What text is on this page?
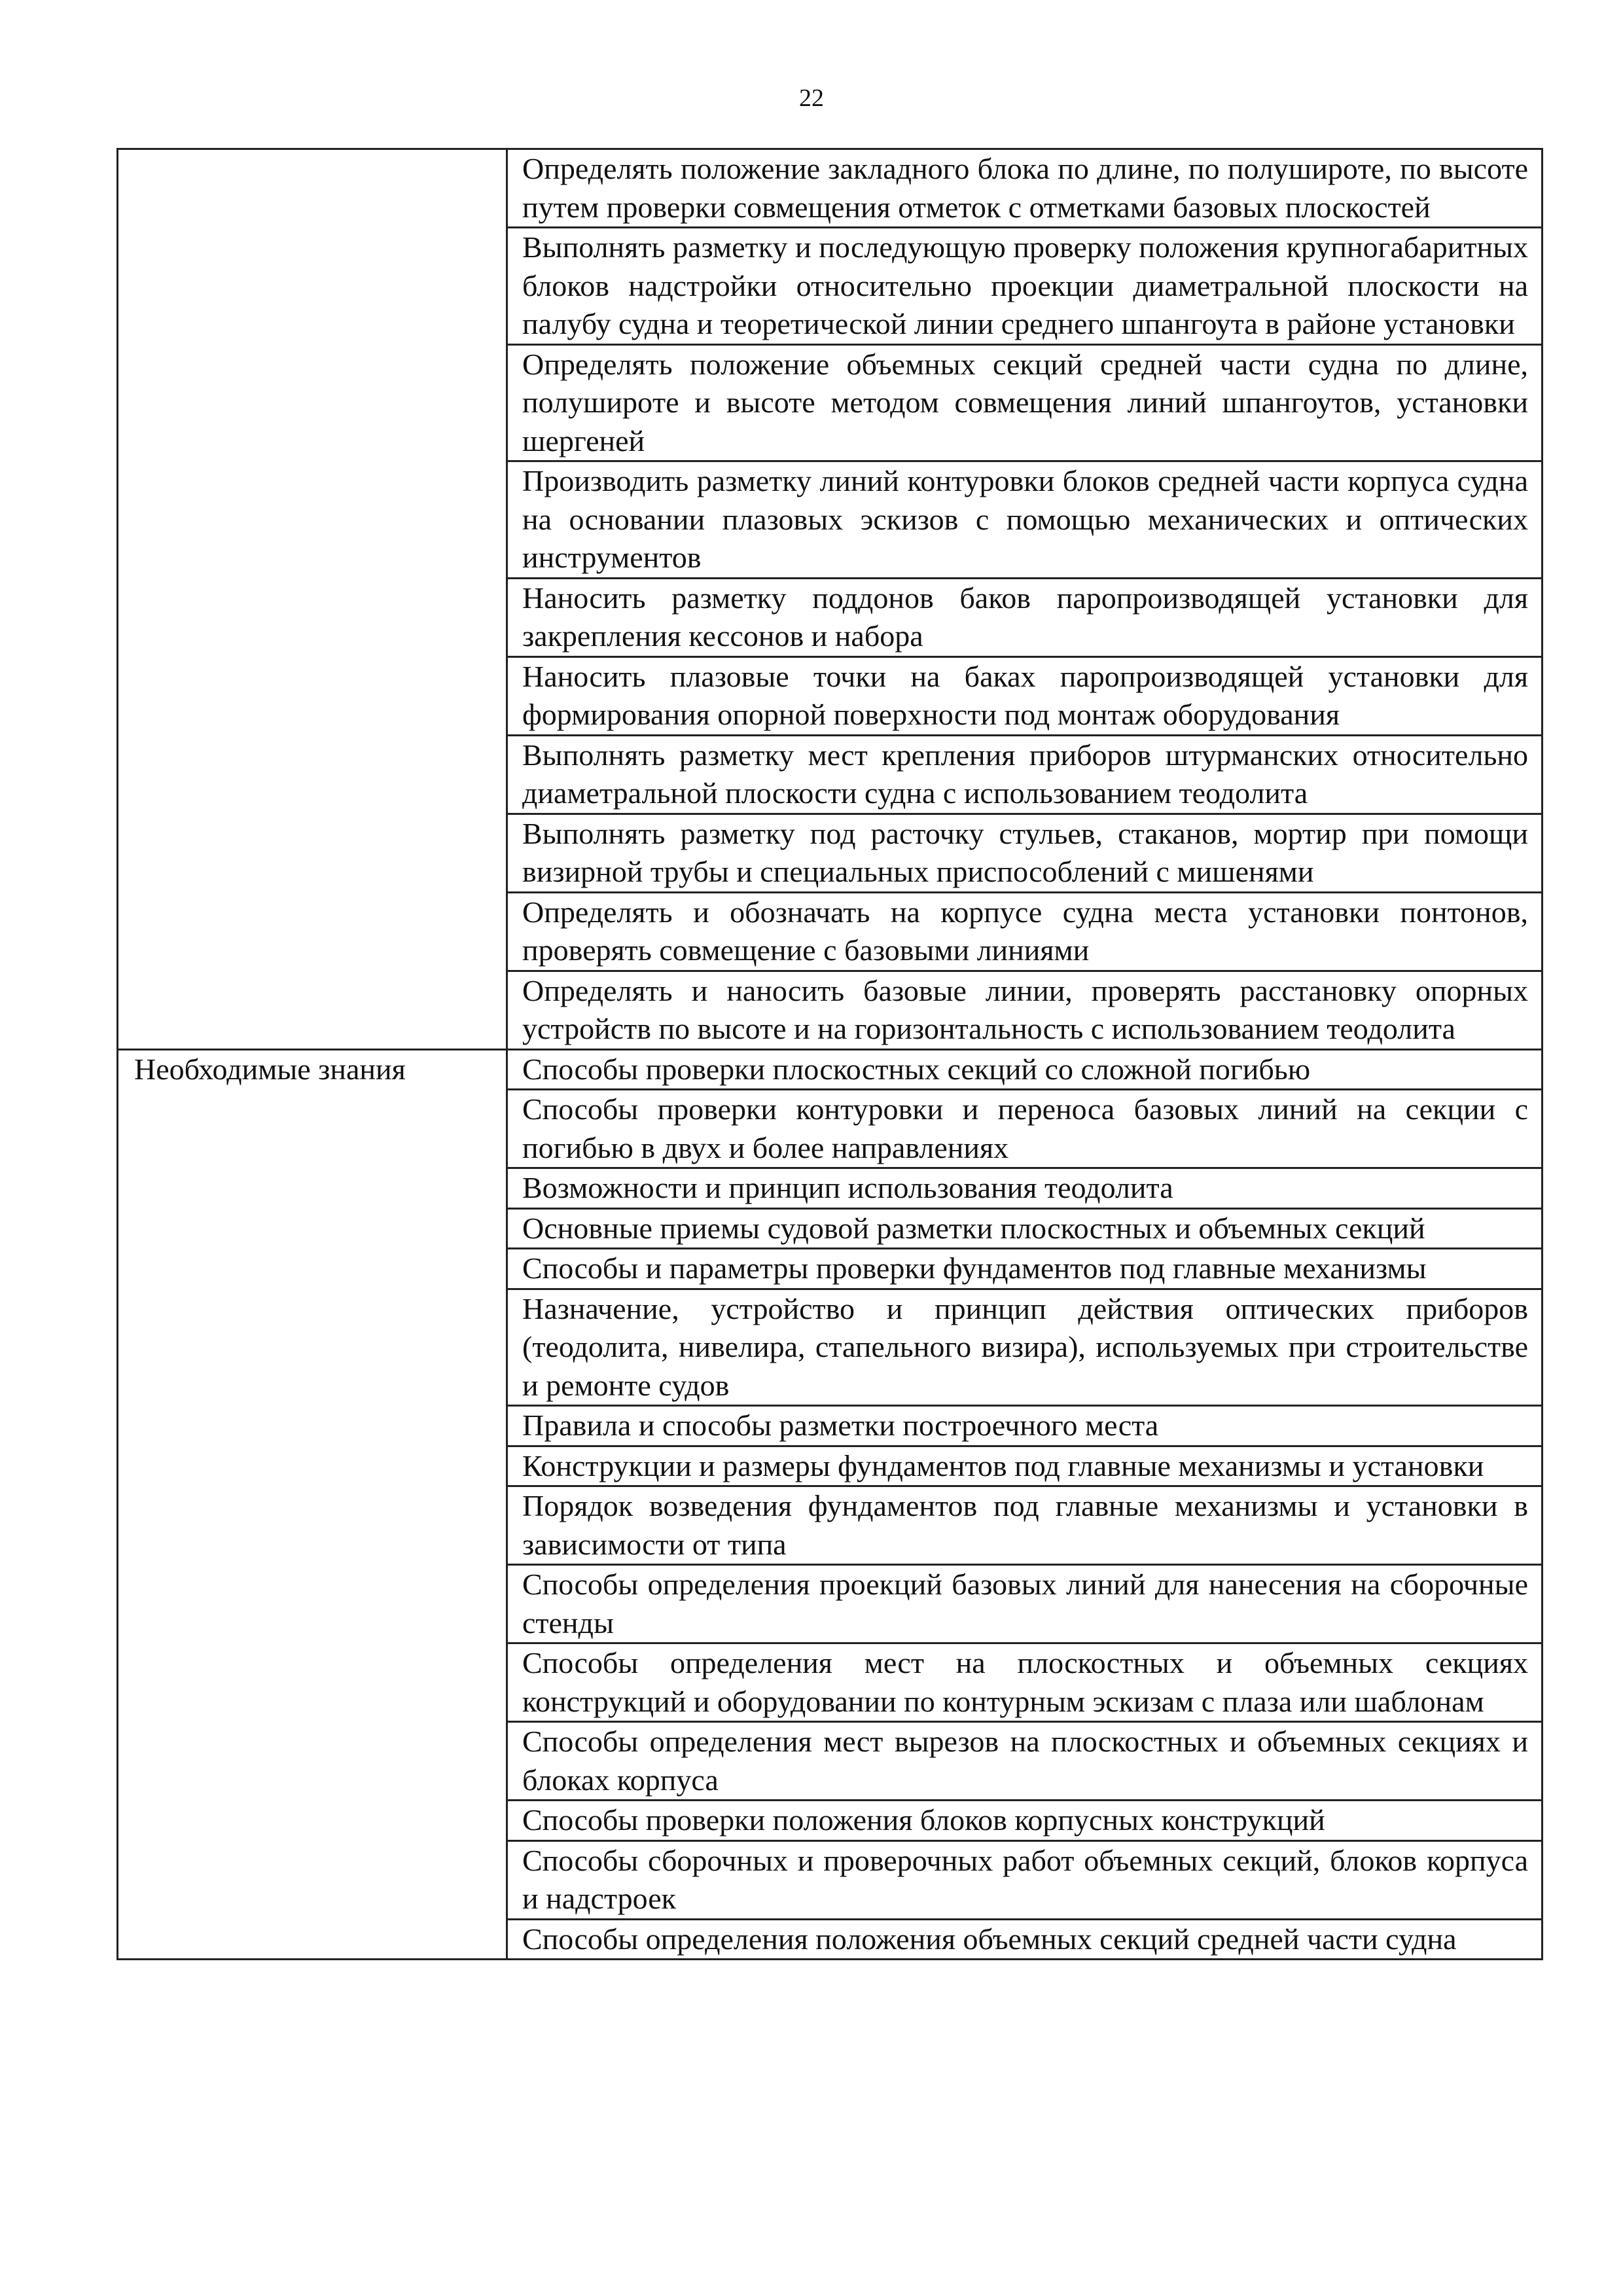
22
	Определять положение закладного блока по длине, по полуширoте, по высоте путем проверки совмещения отметок с отметками базовых плоскостей
	Выполнять разметку и последующую проверку положения крупногабаритных блоков надстройки относительно проекции диаметральной плоскости на палубу судна и теоретической линии среднего шпангоута в районе установки
	Определять положение объемных секций средней части судна по длине, полуширoте и высоте методом совмещения линий шпангоутов, установки шергеней
	Производить разметку линий контуровки блоков средней части корпуса судна на основании плазовых эскизов с помощью механических и оптических инструментов
	Наносить разметку поддонов баков паропроизводящей установки для закрепления кессонов и набора
	Наносить плазовые точки на баках паропроизводящей установки для формирования опорной поверхности под монтаж оборудования
	Выполнять разметку мест крепления приборов штурманских относительно диаметральной плоскости судна с использованием теодолита
	Выполнять разметку под расточку стульев, стаканов, мортир при помощи визирной трубы и специальных приспособлений с мишенями
	Определять и обозначать на корпусе судна места установки понтонов, проверять совмещение с базовыми линиями
	Определять и наносить базовые линии, проверять расстановку опорных устройств по высоте и на горизонтальность с использованием теодолита
Необходимые знания	Способы проверки плоскостных секций со сложной погибью
	Способы проверки контуровки и переноса базовых линий на секции с погибью в двух и более направлениях
	Возможности и принцип использования теодолита
	Основные приемы судовой разметки плоскостных и объемных секций
	Способы и параметры проверки фундаментов под главные механизмы
	Назначение, устройство и принцип действия оптических приборов (теодолита, нивелира, стапельного визира), используемых при строительстве и ремонте судов
	Правила и способы разметки построечного места
	Конструкции и размеры фундаментов под главные механизмы и установки
	Порядок возведения фундаментов под главные механизмы и установки в зависимости от типа
	Способы определения проекций базовых линий для нанесения на сборочные стенды
	Способы определения мест на плоскостных и объемных секциях конструкций и оборудовании по контурным эскизам с плаза или шаблонам
	Способы определения мест вырезов на плоскостных и объемных секциях и блоках корпуса
	Способы проверки положения блоков корпусных конструкций
	Способы сборочных и проверочных работ объемных секций, блоков корпуса и надстроек
	Способы определения положения объемных секций средней части судна
